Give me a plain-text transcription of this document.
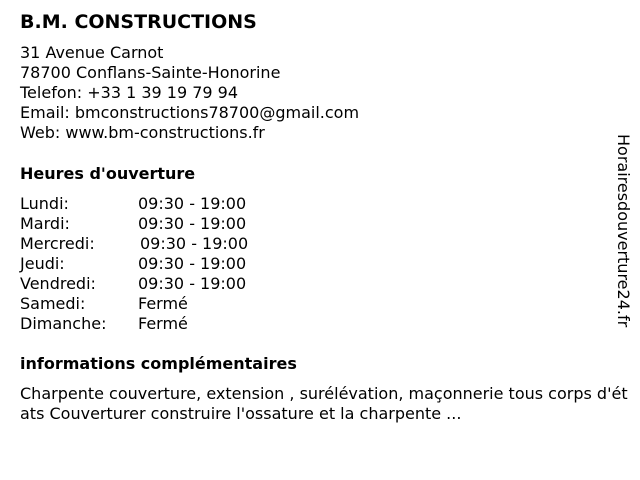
B.M. CONSTRUCTIONS
31 Avenue Carnot
78700 Conflans-Sainte-Honorine
Telefon: +33 1 39 19 79 94
Email: bmconstructions78700@gmail.com
Web: www.bm-constructions.fr
Heures d'ouverture
Lundi:	09:30 - 19:00
Mardi:	09:30 - 19:00
Mercredi:	09:30 - 19:00
Jeudi:	09:30 - 19:00
Vendredi:	09:30 - 19:00
Samedi:	Fermé
Dimanche: Fermé
informations complémentaires
Charpente couverture, extension , surélévation, maçonnerie tous corps d'états Couverturer construire l'ossature et la charpente ...
Horairesdouverture24.fr
